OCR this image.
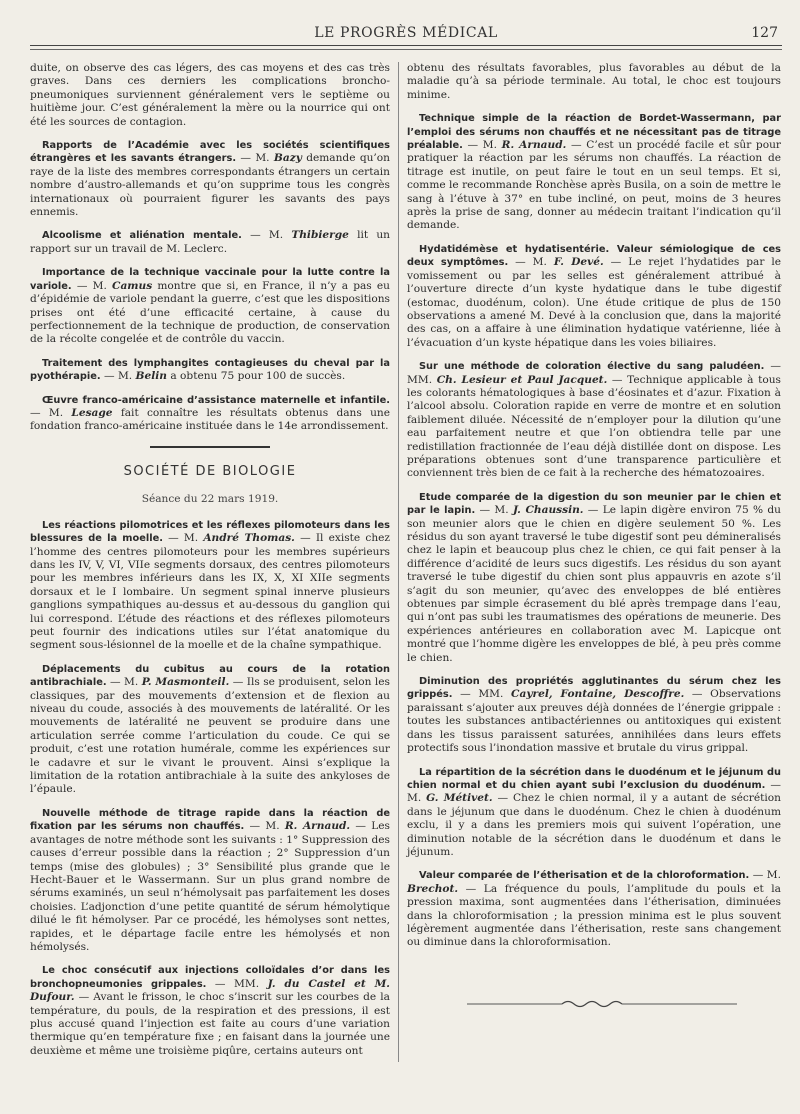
LE PROGRÈS MÉDICAL	127

duite, on observe des cas légers, des cas moyens et des cas très graves. Dans ces derniers les complications broncho-pneumoniques surviennent généralement vers le septième ou huitième jour. C’est généralement la mère ou la nourrice qui ont été les sources de contagion.

Rapports de l’Académie avec les sociétés scientifiques étrangères et les savants étrangers. — M. Bazy demande qu’on raye de la liste des membres correspondants étrangers un certain nombre d’austro-allemands et qu’on supprime tous les congrès internationaux où pourraient figurer les savants des pays ennemis.

Alcoolisme et aliénation mentale. — M. Thibierge lit un rapport sur un travail de M. Leclerc.

Importance de la technique vaccinale pour la lutte contre la variole. — M. Camus montre que si, en France, il n’y a pas eu d’épidémie de variole pendant la guerre, c’est que les dispositions prises ont été d’une efficacité certaine, à cause du perfectionnement de la technique de production, de conservation de la récolte congelée et de contrôle du vaccin.

Traitement des lymphangites contagieuses du cheval par la pyothérapie. — M. Belin a obtenu 75 pour 100 de succès.

Œuvre franco-américaine d’assistance maternelle et infantile. — M. Lesage fait connaître les résultats obtenus dans une fondation franco-américaine instituée dans le 14e arrondissement.

SOCIÉTÉ DE BIOLOGIE
Séance du 22 mars 1919.

Les réactions pilomotrices et les réflexes pilomoteurs dans les blessures de la moelle. — M. André Thomas. — Il existe chez l’homme des centres pilomoteurs pour les membres supérieurs dans les IV, V, VI, VIIe segments dorsaux, des centres pilomoteurs pour les membres inférieurs dans les IX, X, XI XIIe segments dorsaux et le I lombaire. Un segment spinal innerve plusieurs ganglions sympathiques au-dessus et au-dessous du ganglion qui lui correspond. L’étude des réactions et des réflexes pilomoteurs peut fournir des indications utiles sur l’état anatomique du segment sous-lésionnel de la moelle et de la chaîne sympathique.

Déplacements du cubitus au cours de la rotation antibrachiale. — M. P. Masmonteil. — Ils se produisent, selon les classiques, par des mouvements d’extension et de flexion au niveau du coude, associés à des mouvements de latéralité. Or les mouvements de latéralité ne peuvent se produire dans une articulation serrée comme l’articulation du coude. Ce qui se produit, c’est une rotation humérale, comme les expériences sur le cadavre et sur le vivant le prouvent. Ainsi s’explique la limitation de la rotation antibrachiale à la suite des ankyloses de l’épaule.

Nouvelle méthode de titrage rapide dans la réaction de fixation par les sérums non chauffés. — M. R. Arnaud. — Les avantages de notre méthode sont les suivants : 1° Suppression des causes d’erreur possible dans la réaction ; 2° Suppression d’un temps (mise des globules) ; 3° Sensibilité plus grande que le Hecht-Bauer et le Wassermann. Sur un plus grand nombre de sérums examinés, un seul n’hémolysait pas parfaitement les doses choisies. L’adjonction d’une petite quantité de sérum hémolytique dilué le fit hémolyser. Par ce procédé, les hémolyses sont nettes, rapides, et le départage facile entre les hémolysés et non hémolysés.

Le choc consécutif aux injections colloïdales d’or dans les bronchopneumonies grippales. — MM. J. du Castel et M. Dufour. — Avant le frisson, le choc s’inscrit sur les courbes de la température, du pouls, de la respiration et des pressions, il est plus accusé quand l’injection est faite au cours d’une variation thermique qu’en température fixe ; en faisant dans la journée une deuxième et même une troisième piqûre, certains auteurs ont

obtenu des résultats favorables, plus favorables au début de la maladie qu’à sa période terminale. Au total, le choc est toujours minime.

Technique simple de la réaction de Bordet-Wassermann, par l’emploi des sérums non chauffés et ne nécessitant pas de titrage préalable. — M. R. Arnaud. — C’est un procédé facile et sûr pour pratiquer la réaction par les sérums non chauffés. La réaction de titrage est inutile, on peut faire le tout en un seul temps. Et si, comme le recommande Ronchèse après Busila, on a soin de mettre le sang à l’étuve à 37° en tube incliné, on peut, moins de 3 heures après la prise de sang, donner au médecin traitant l’indication qu’il demande.

Hydatidémèse et hydatisentérie. Valeur sémiologique de ces deux symptômes. — M. F. Devé. — Le rejet l’hydatides par le vomissement ou par les selles est généralement attribué à l’ouverture directe d’un kyste hydatique dans le tube digestif (estomac, duodénum, colon). Une étude critique de plus de 150 observations a amené M. Devé à la conclusion que, dans la majorité des cas, on a affaire à une élimination hydatique vatérienne, liée à l’évacuation d’un kyste hépatique dans les voies biliaires.

Sur une méthode de coloration élective du sang paludéen. — MM. Ch. Lesieur et Paul Jacquet. — Technique applicable à tous les colorants hématologiques à base d’éosinates et d’azur. Fixation à l’alcool absolu. Coloration rapide en verre de montre et en solution faiblement diluée. Nécessité de n’employer pour la dilution qu’une eau parfaitement neutre et que l’on obtiendra telle par une redistillation fractionnée de l’eau déjà distillée dont on dispose. Les préparations obtenues sont d’une transparence particulière et conviennent très bien de ce fait à la recherche des hématozoaires.

Etude comparée de la digestion du son meunier par le chien et par le lapin. — M. J. Chaussin. — Le lapin digère environ 75 % du son meunier alors que le chien en digère seulement 50 %. Les résidus du son ayant traversé le tube digestif sont peu démineralisés chez le lapin et beaucoup plus chez le chien, ce qui fait penser à la différence d’acidité de leurs sucs digestifs. Les résidus du son ayant traversé le tube digestif du chien sont plus appauvris en azote s’il s’agit du son meunier, qu’avec des enveloppes de blé entières obtenues par simple écrasement du blé après trempage dans l’eau, qui n’ont pas subi les traumatismes des opérations de meunerie. Des expériences antérieures en collaboration avec M. Lapicque ont montré que l’homme digère les enveloppes de blé, à peu près comme le chien.

Diminution des propriétés agglutinantes du sérum chez les grippés. — MM. Cayrel, Fontaine, Descoffre. — Observations paraissant s’ajouter aux preuves déjà données de l’énergie grippale : toutes les substances antibactériennes ou antitoxiques qui existent dans les tissus paraissent saturées, annihilées dans leurs effets protectifs sous l’inondation massive et brutale du virus grippal.

La répartition de la sécrétion dans le duodénum et le jéjunum du chien normal et du chien ayant subi l’exclusion du duodénum. — M. G. Métivet. — Chez le chien normal, il y a autant de sécrétion dans le jéjunum que dans le duodénum. Chez le chien à duodénum exclu, il y a dans les premiers mois qui suivent l’opération, une diminution notable de la sécrétion dans le duodénum et dans le jéjunum.

Valeur comparée de l’étherisation et de la chloroformation. — M. Brechot. — La fréquence du pouls, l’amplitude du pouls et la pression maxima, sont augmentées dans l’étherisation, diminuées dans la chloroformisation ; la pression minima est le plus souvent légèrement augmentée dans l’étherisation, reste sans changement ou diminue dans la chloroformisation.
